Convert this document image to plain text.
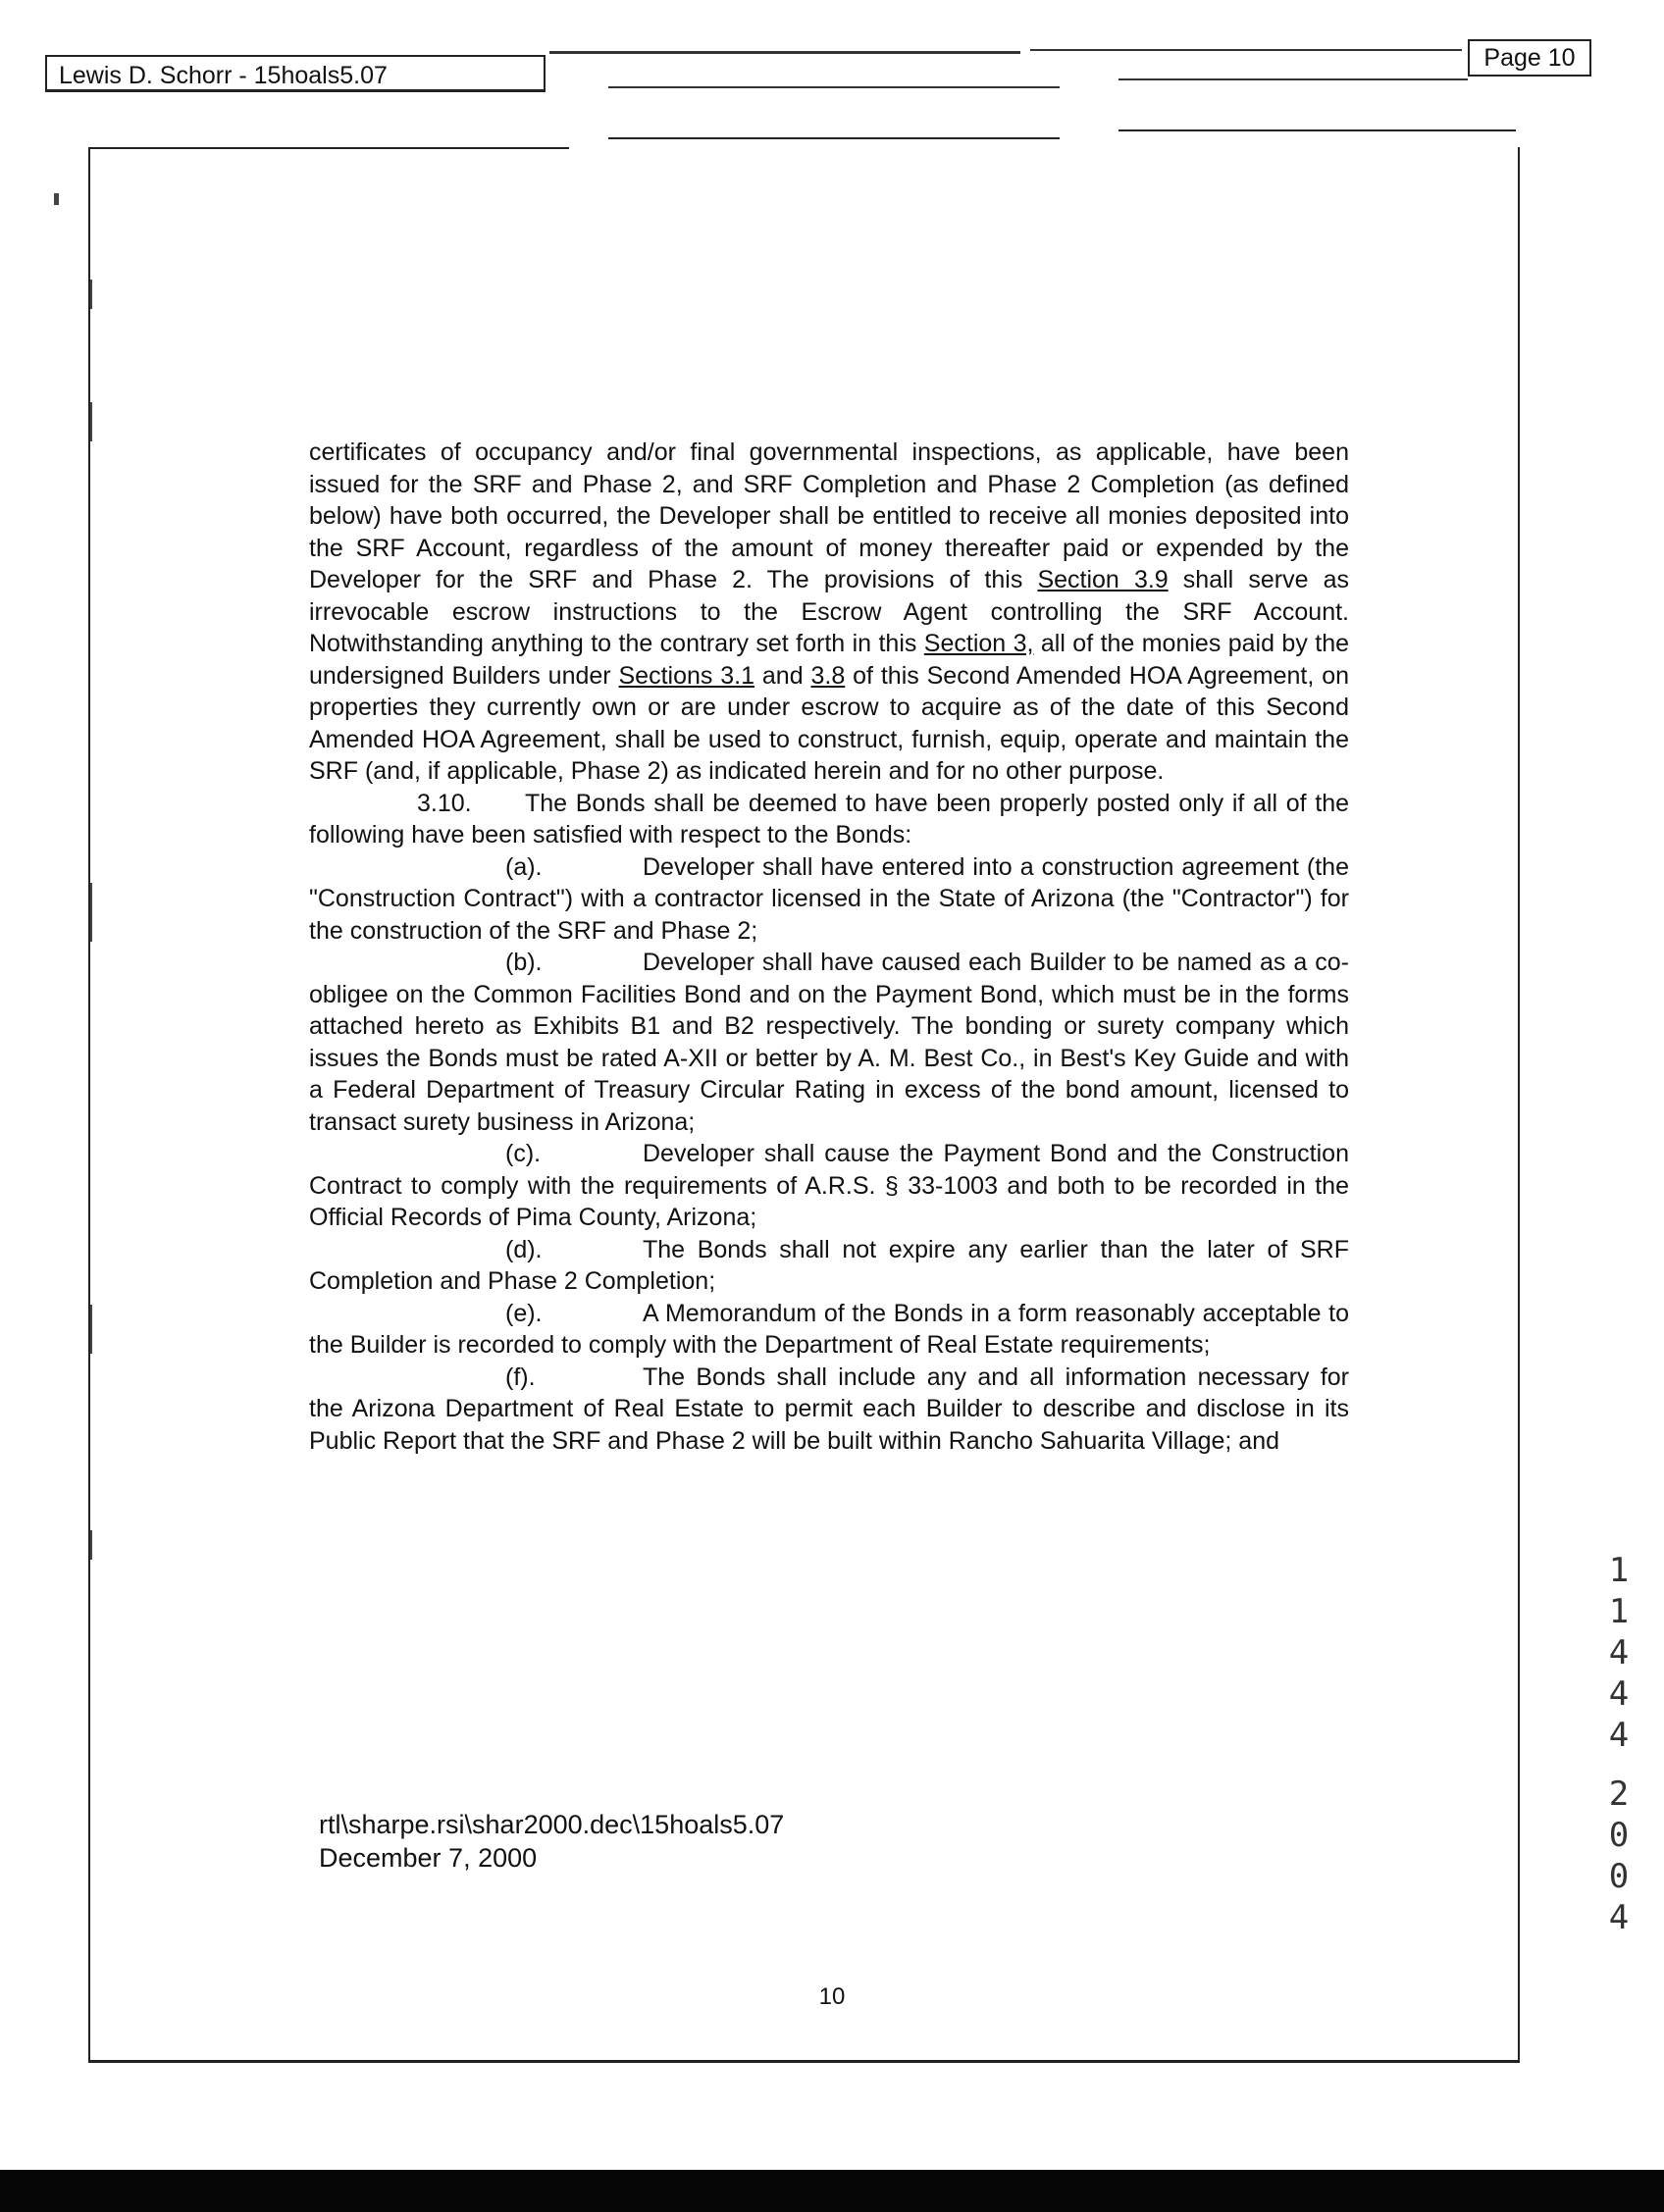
Lewis D. Schorr - 15hoals5.07
Page 10

certificates of occupancy and/or final governmental inspections, as applicable, have been issued for the SRF and Phase 2, and SRF Completion and Phase 2 Completion (as defined below) have both occurred, the Developer shall be entitled to receive all monies deposited into the SRF Account, regardless of the amount of money thereafter paid or expended by the Developer for the SRF and Phase 2. The provisions of this Section 3.9 shall serve as irrevocable escrow instructions to the Escrow Agent controlling the SRF Account. Notwithstanding anything to the contrary set forth in this Section 3, all of the monies paid by the undersigned Builders under Sections 3.1 and 3.8 of this Second Amended HOA Agreement, on properties they currently own or are under escrow to acquire as of the date of this Second Amended HOA Agreement, shall be used to construct, furnish, equip, operate and maintain the SRF (and, if applicable, Phase 2) as indicated herein and for no other purpose.

3.10. The Bonds shall be deemed to have been properly posted only if all of the following have been satisfied with respect to the Bonds:

(a).	Developer shall have entered into a construction agreement (the "Construction Contract") with a contractor licensed in the State of Arizona (the "Contractor") for the construction of the SRF and Phase 2;

(b).	Developer shall have caused each Builder to be named as a co-obligee on the Common Facilities Bond and on the Payment Bond, which must be in the forms attached hereto as Exhibits B1 and B2 respectively. The bonding or surety company which issues the Bonds must be rated A-XII or better by A. M. Best Co., in Best's Key Guide and with a Federal Department of Treasury Circular Rating in excess of the bond amount, licensed to transact surety business in Arizona;

(c).	Developer shall cause the Payment Bond and the Construction Contract to comply with the requirements of A.R.S. § 33-1003 and both to be recorded in the Official Records of Pima County, Arizona;

(d).	The Bonds shall not expire any earlier than the later of SRF Completion and Phase 2 Completion;

(e).	A Memorandum of the Bonds in a form reasonably acceptable to the Builder is recorded to comply with the Department of Real Estate requirements;

(f).	The Bonds shall include any and all information necessary for the Arizona Department of Real Estate to permit each Builder to describe and disclose in its Public Report that the SRF and Phase 2 will be built within Rancho Sahuarita Village; and

rtl\sharpe.rsi\shar2000.dec\15hoals5.07
December 7, 2000
10
1
1
4
4
4
2
0
0
4
